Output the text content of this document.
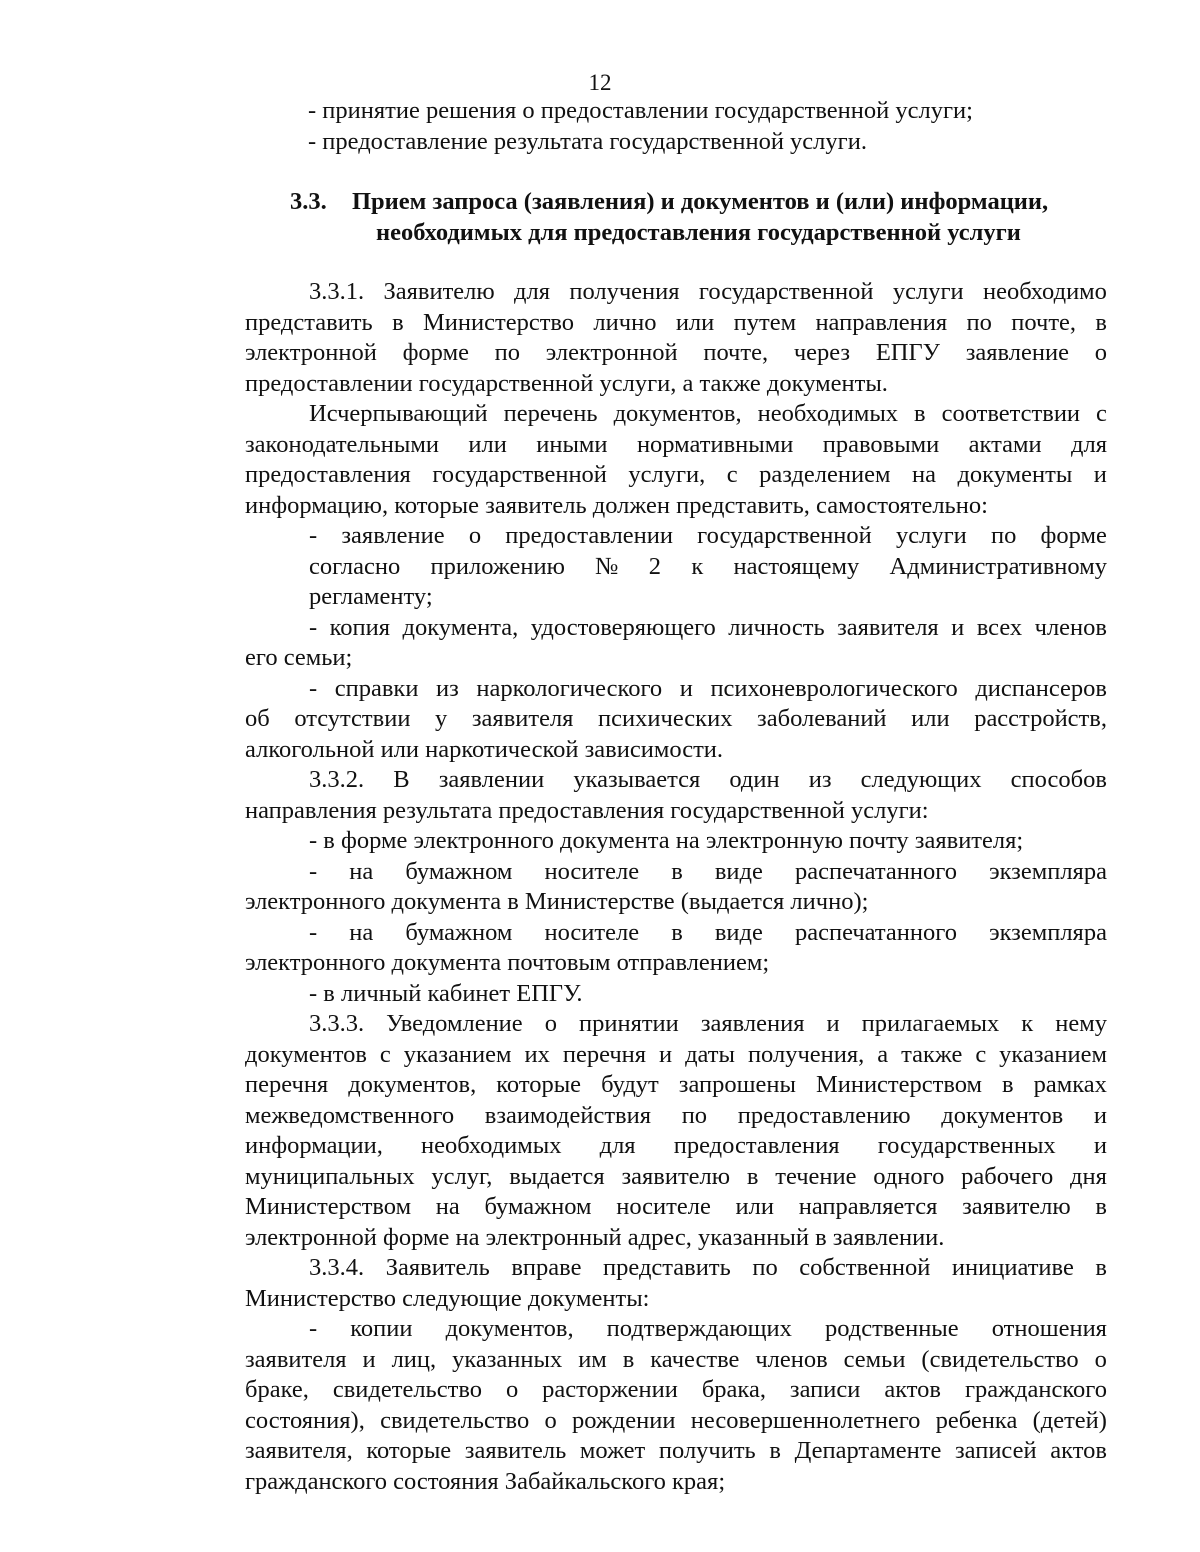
12
- принятие решения о предоставлении государственной услуги;
- предоставление результата государственной услуги.
3.3. Прием запроса (заявления) и документов и (или) информации,
необходимых для предоставления государственной услуги
3.3.1. Заявителю для получения государственной услуги необходимо
представить в Министерство лично или путем направления по почте, в
электронной форме по электронной почте, через ЕПГУ заявление о
предоставлении государственной услуги, а также документы.
Исчерпывающий перечень документов, необходимых в соответствии с
законодательными или иными нормативными правовыми актами для
предоставления государственной услуги, с разделением на документы и
информацию, которые заявитель должен представить, самостоятельно:
- заявление о предоставлении государственной услуги по форме
согласно приложению № 2 к настоящему Административному
регламенту;
- копия документа, удостоверяющего личность заявителя и всех членов
его семьи;
- справки из наркологического и психоневрологического диспансеров
об отсутствии у заявителя психических заболеваний или расстройств,
алкогольной или наркотической зависимости.
3.3.2. В заявлении указывается один из следующих способов
направления результата предоставления государственной услуги:
- в форме электронного документа на электронную почту заявителя;
- на бумажном носителе в виде распечатанного экземпляра
электронного документа в Министерстве (выдается лично);
- на бумажном носителе в виде распечатанного экземпляра
электронного документа почтовым отправлением;
- в личный кабинет ЕПГУ.
3.3.3. Уведомление о принятии заявления и прилагаемых к нему
документов с указанием их перечня и даты получения, а также с указанием
перечня документов, которые будут запрошены Министерством в рамках
межведомственного взаимодействия по предоставлению документов и
информации, необходимых для предоставления государственных и
муниципальных услуг, выдается заявителю в течение одного рабочего дня
Министерством на бумажном носителе или направляется заявителю в
электронной форме на электронный адрес, указанный в заявлении.
3.3.4. Заявитель вправе представить по собственной инициативе в
Министерство следующие документы:
- копии документов, подтверждающих родственные отношения
заявителя и лиц, указанных им в качестве членов семьи (свидетельство о
браке, свидетельство о расторжении брака, записи актов гражданского
состояния), свидетельство о рождении несовершеннолетнего ребенка (детей)
заявителя, которые заявитель может получить в Департаменте записей актов
гражданского состояния Забайкальского края;
